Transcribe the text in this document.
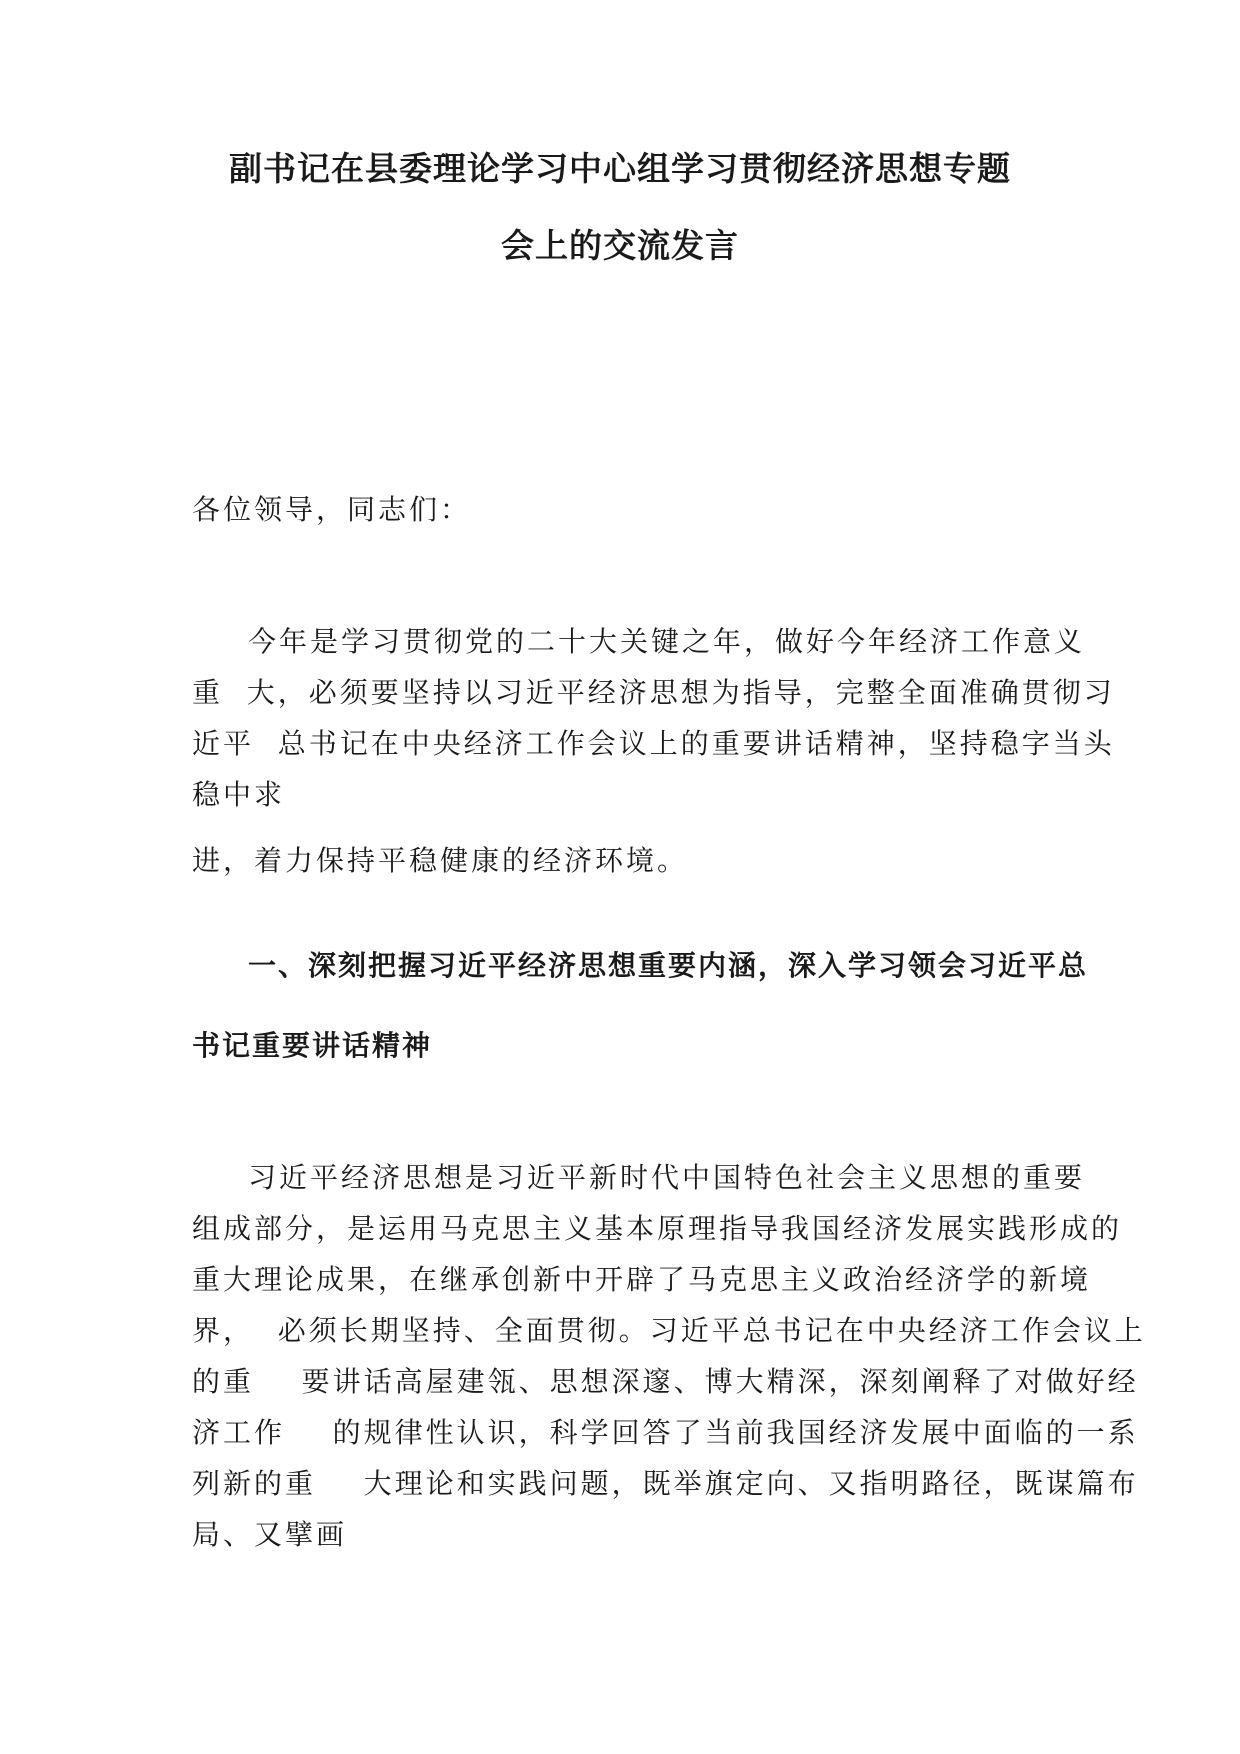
副书记在县委理论学习中心组学习贯彻经济思想专题
会上的交流发言
各位领导，同志们：
今年是学习贯彻党的二十大关键之年，做好今年经济工作意义
重  大，必须要坚持以习近平经济思想为指导，完整全面准确贯彻习
近平  总书记在中央经济工作会议上的重要讲话精神，坚持稳字当头
稳中求
进，着力保持平稳健康的经济环境。
一、深刻把握习近平经济思想重要内涵，深入学习领会习近平总
书记重要讲话精神
习近平经济思想是习近平新时代中国特色社会主义思想的重要
组成部分，是运用马克思主义基本原理指导我国经济发展实践形成的
重大理论成果，在继承创新中开辟了马克思主义政治经济学的新境
界，  必须长期坚持、全面贯彻。习近平总书记在中央经济工作会议上
的重    要讲话高屋建瓴、思想深邃、博大精深，深刻阐释了对做好经
济工作    的规律性认识，科学回答了当前我国经济发展中面临的一系
列新的重    大理论和实践问题，既举旗定向、又指明路径，既谋篇布
局、又擘画
